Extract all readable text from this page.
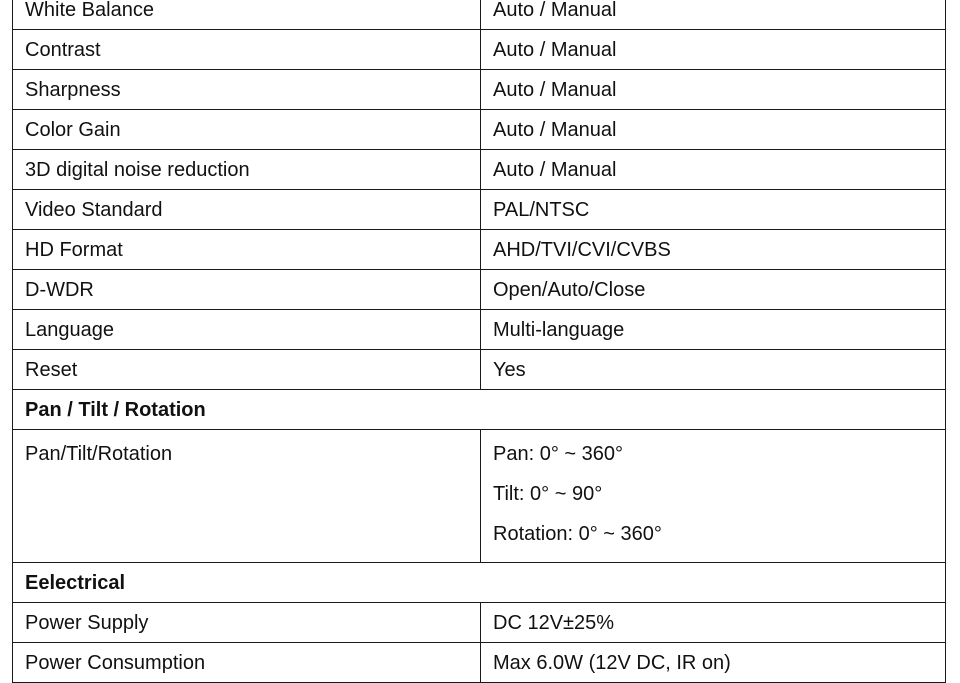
White Balance	Auto / Manual
Contrast	Auto / Manual
Sharpness	Auto / Manual
Color Gain	Auto / Manual
3D digital noise reduction	Auto / Manual
Video Standard	PAL/NTSC
HD Format	AHD/TVI/CVI/CVBS
D-WDR	Open/Auto/Close
Language	Multi-language
Reset	Yes
Pan / Tilt / Rotation	
Pan/Tilt/Rotation	Pan: 0° ~ 360°
Tilt: 0° ~ 90°
Rotation: 0° ~ 360°

Eelectrical	
Power Supply	DC 12V±25%
Power Consumption	Max 6.0W (12V DC, IR on)
